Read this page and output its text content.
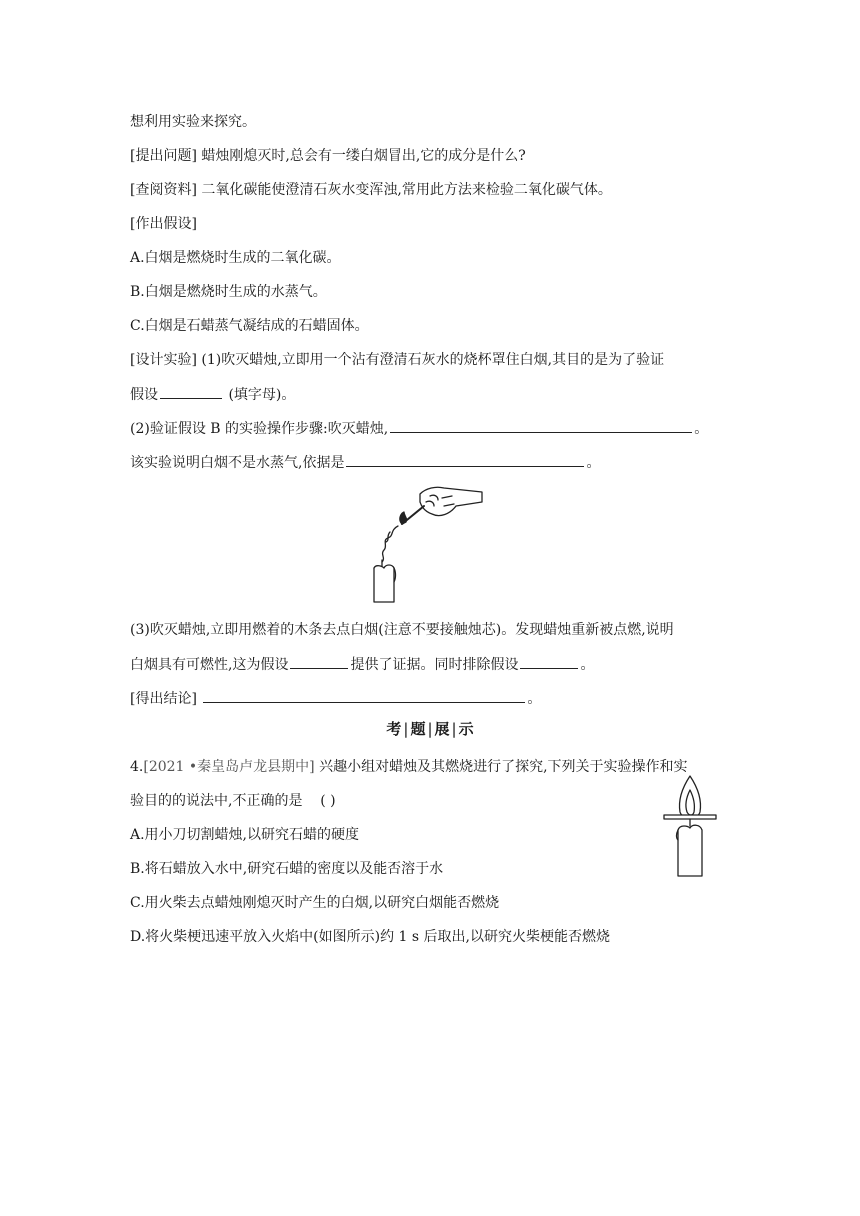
想利用实验来探究。
[提出问题] 蜡烛刚熄灭时,总会有一缕白烟冒出,它的成分是什么?
[查阅资料] 二氧化碳能使澄清石灰水变浑浊,常用此方法来检验二氧化碳气体。
[作出假设]
A.白烟是燃烧时生成的二氧化碳。
B.白烟是燃烧时生成的水蒸气。
C.白烟是石蜡蒸气凝结成的石蜡固体。
[设计实验] (1)吹灭蜡烛,立即用一个沾有澄清石灰水的烧杯罩住白烟,其目的是为了验证
假设	(填字母)。
(2)验证假设 B 的实验操作步骤:吹灭蜡烛,	。
该实验说明白烟不是水蒸气,依据是	。
(3)吹灭蜡烛,立即用燃着的木条去点白烟(注意不要接触烛芯)。发现蜡烛重新被点燃,说明
白烟具有可燃性,这为假设	提供了证据。同时排除假设	。
[得出结论]	。
考 | 题 | 展 | 示
4.[2021 •秦皇岛卢龙县期中] 兴趣小组对蜡烛及其燃烧进行了探究,下列关于实验操作和实
验目的的说法中,不正确的是 ( )
A.用小刀切割蜡烛,以研究石蜡的硬度
B.将石蜡放入水中,研究石蜡的密度以及能否溶于水
C.用火柴去点蜡烛刚熄灭时产生的白烟,以研究白烟能否燃烧
D.将火柴梗迅速平放入火焰中(如图所示)约 1 s 后取出,以研究火柴梗能否燃烧
